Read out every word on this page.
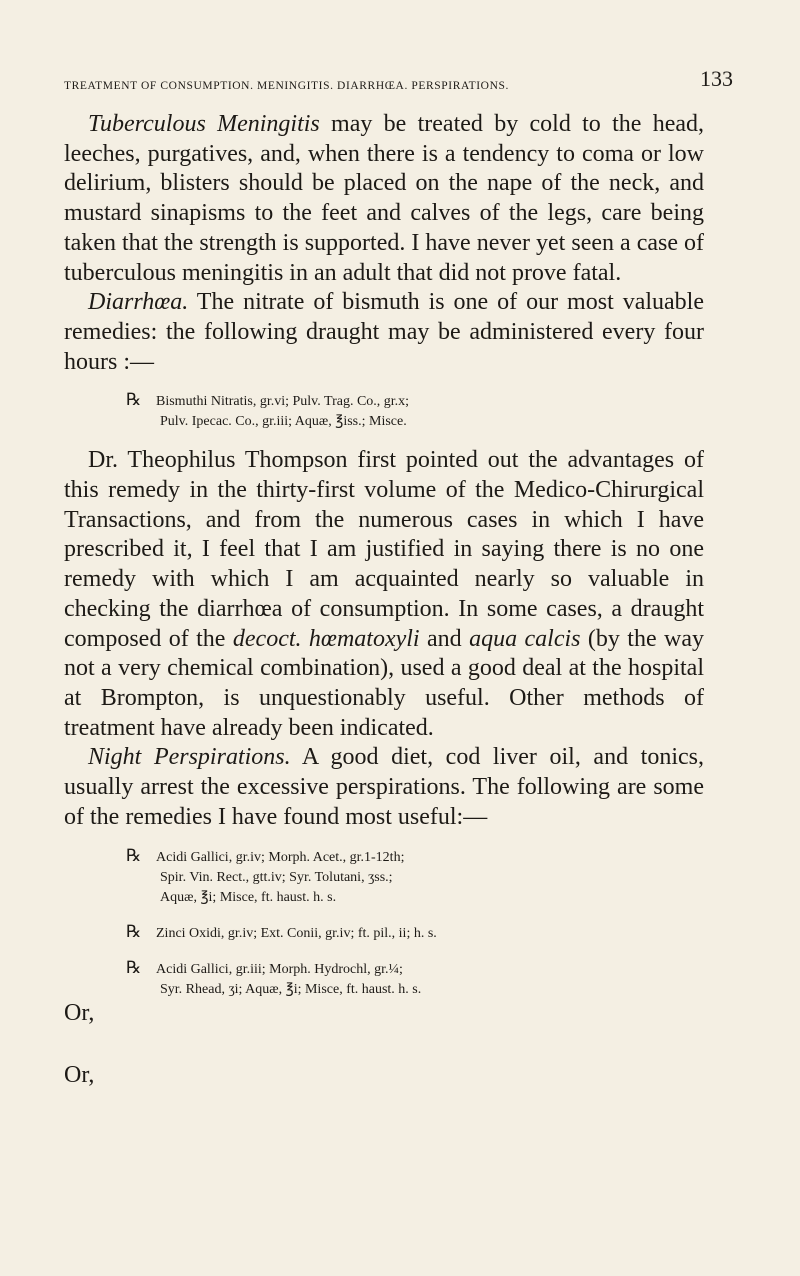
TREATMENT OF CONSUMPTION. MENINGITIS. DIARRHŒA. PERSPIRATIONS.	133

Tuberculous Meningitis may be treated by cold to the head, leeches, purgatives, and, when there is a tendency to coma or low delirium, blisters should be placed on the nape of the neck, and mustard sinapisms to the feet and calves of the legs, care being taken that the strength is supported. I have never yet seen a case of tuberculous meningitis in an adult that did not prove fatal.

Diarrhœa. The nitrate of bismuth is one of our most valuable remedies: the following draught may be administered every four hours :—

℞ Bismuthi Nitratis, gr.vi; Pulv. Trag. Co., gr.x;
Pulv. Ipecac. Co., gr.iii; Aquæ, ℥iss.; Misce.

Dr. Theophilus Thompson first pointed out the advantages of this remedy in the thirty-first volume of the Medico-Chirurgical Transactions, and from the numerous cases in which I have prescribed it, I feel that I am justified in saying there is no one remedy with which I am acquainted nearly so valuable in checking the diarrhœa of consumption. In some cases, a draught composed of the decoct. hœmatoxyli and aqua calcis (by the way not a very chemical combination), used a good deal at the hospital at Brompton, is unquestionably useful. Other methods of treatment have already been indicated.

Night Perspirations. A good diet, cod liver oil, and tonics, usually arrest the excessive perspirations. The following are some of the remedies I have found most useful:—

℞ Acidi Gallici, gr.iv; Morph. Acet., gr.1-12th;
Spir. Vin. Rect., gtt.iv; Syr. Tolutani, ʒss.;
Aquæ, ℥i; Misce, ft. haust. h. s.
℞ Zinci Oxidi, gr.iv; Ext. Conii, gr.iv; ft. pil., ii; h. s.
℞ Acidi Gallici, gr.iii; Morph. Hydrochl, gr.¼;
Syr. Rhead, ʒi; Aquæ, ℥i; Misce, ft. haust. h. s.
Or,
Or,
